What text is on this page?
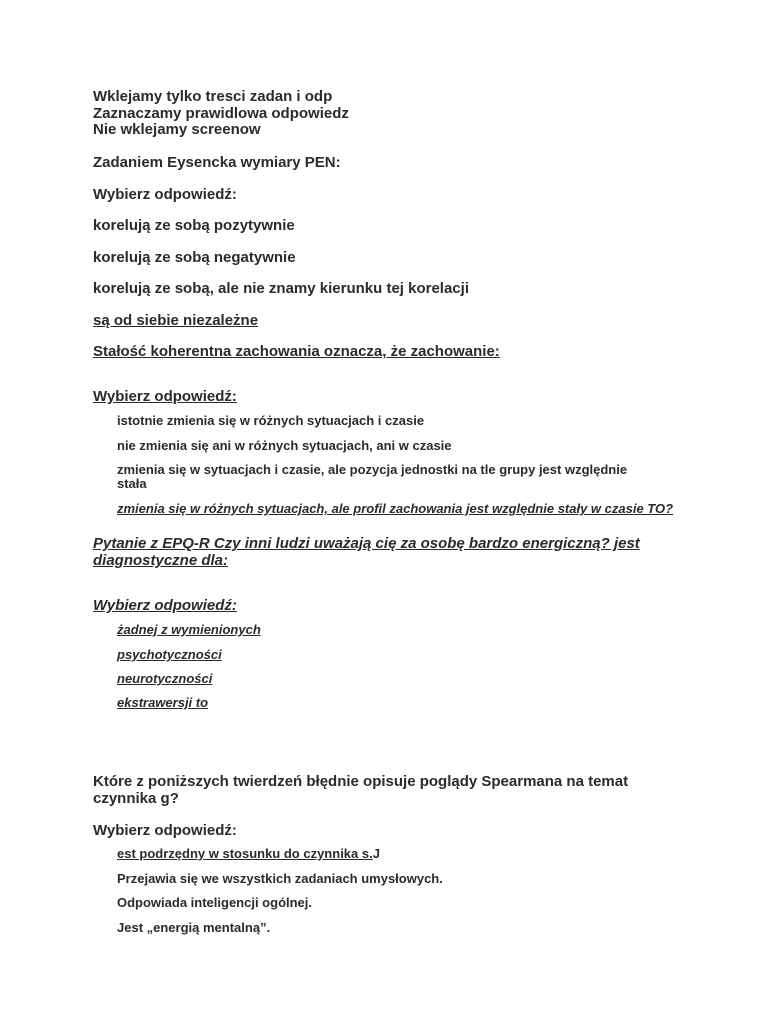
Wklejamy tylko tresci zadan i odp

Zaznaczamy prawidlowa odpowiedz

Nie wklejamy screenow

Zadaniem Eysencka wymiary PEN:

Wybierz odpowiedź:

korelują ze sobą pozytywnie

korelują ze sobą negatywnie

korelują ze sobą, ale nie znamy kierunku tej korelacji

są od siebie niezależne

Stałość koherentna zachowania oznacza, że zachowanie:

Wybierz odpowiedź:

istotnie zmienia się w różnych sytuacjach i czasie

nie zmienia się ani w różnych sytuacjach, ani w czasie

zmienia się w sytuacjach i czasie, ale pozycja jednostki na tle grupy jest względnie stała

zmienia się w różnych sytuacjach, ale profil zachowania jest względnie stały w czasie TO?

Pytanie z EPQ-R Czy inni ludzi uważają cię za osobę bardzo energiczną? jest diagnostyczne dla:

Wybierz odpowiedź:

żadnej z wymienionych

psychotyczności

neurotyczności

ekstrawersji to

Które z poniższych twierdzeń błędnie opisuje poglądy Spearmana na temat czynnika g?

Wybierz odpowiedź:

est podrzędny w stosunku do czynnika s.J

Przejawia się we wszystkich zadaniach umysłowych.

Odpowiada inteligencji ogólnej.

Jest „energią mentalną”.
